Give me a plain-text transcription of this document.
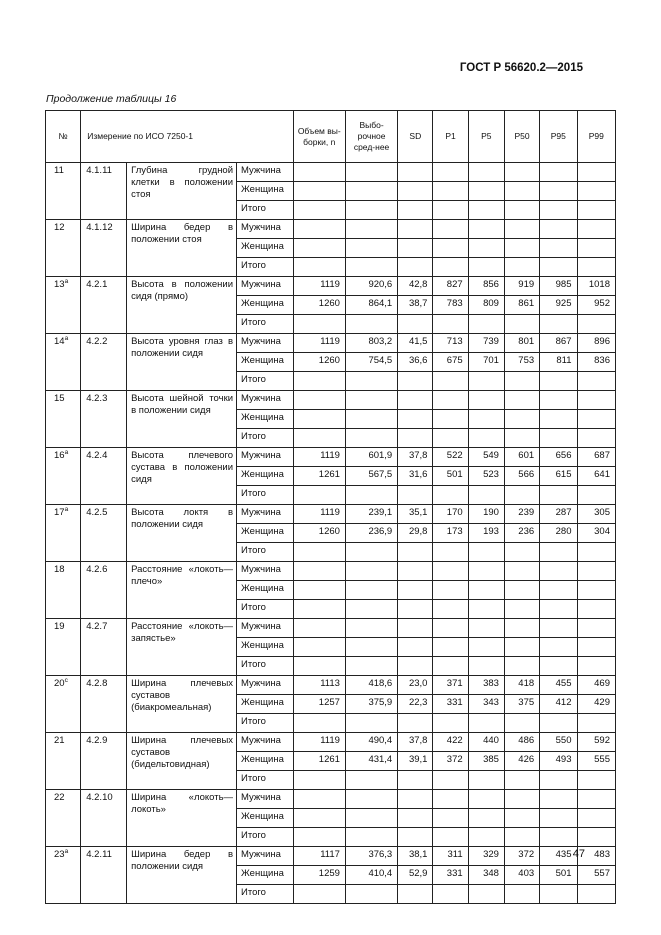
ГОСТ Р 56620.2—2015
Продолжение таблицы 16
№	Измерение по ИСО 7250-1			Объем вы-борки, n	Выбо-рочное сред-нее	SD	P1	P5	P50	P95	P99
11	4.1.11	Глубина грудной клетки в положении стоя	Мужчина								
			Женщина								
			Итого								
12	4.1.12	Ширина бедер в положении стоя	Мужчина								
			Женщина								
			Итого								
13$^a$	4.2.1	Высота в положении сидя (прямо)	Мужчина	1119	920,6	42,8	827	856	919	985	1018
			Женщина	1260	864,1	38,7	783	809	861	925	952
			Итого								
14$^a$	4.2.2	Высота уровня глаз в положении сидя	Мужчина	1119	803,2	41,5	713	739	801	867	896
			Женщина	1260	754,5	36,6	675	701	753	811	836
			Итого								
15	4.2.3	Высота шейной точки в положении сидя	Мужчина								
			Женщина								
			Итого								
16$^a$	4.2.4	Высота плечевого сустава в положении сидя	Мужчина	1119	601,9	37,8	522	549	601	656	687
			Женщина	1261	567,5	31,6	501	523	566	615	641
			Итого								
17$^a$	4.2.5	Высота локтя в положении сидя	Мужчина	1119	239,1	35,1	170	190	239	287	305
			Женщина	1260	236,9	29,8	173	193	236	280	304
			Итого								
18	4.2.6	Расстояние «локоть—плечо»	Мужчина								
			Женщина								
			Итого								
19	4.2.7	Расстояние «локоть— запястье»	Мужчина								
			Женщина								
			Итого								
20$^c$	4.2.8	Ширина плечевых суставов (биакромеальная)	Мужчина	1113	418,6	23,0	371	383	418	455	469
			Женщина	1257	375,9	22,3	331	343	375	412	429
			Итого								
21	4.2.9	Ширина плечевых суставов (бидельтовидная)	Мужчина	1119	490,4	37,8	422	440	486	550	592
			Женщина	1261	431,4	39,1	372	385	426	493	555
			Итого								
22	4.2.10	Ширина «локоть—локоть»	Мужчина								
			Женщина								
			Итого								
23$^a$	4.2.11	Ширина бедер в положении сидя	Мужчина	1117	376,3	38,1	311	329	372	435	483
			Женщина	1259	410,4	52,9	331	348	403	501	557
			Итого								
47
